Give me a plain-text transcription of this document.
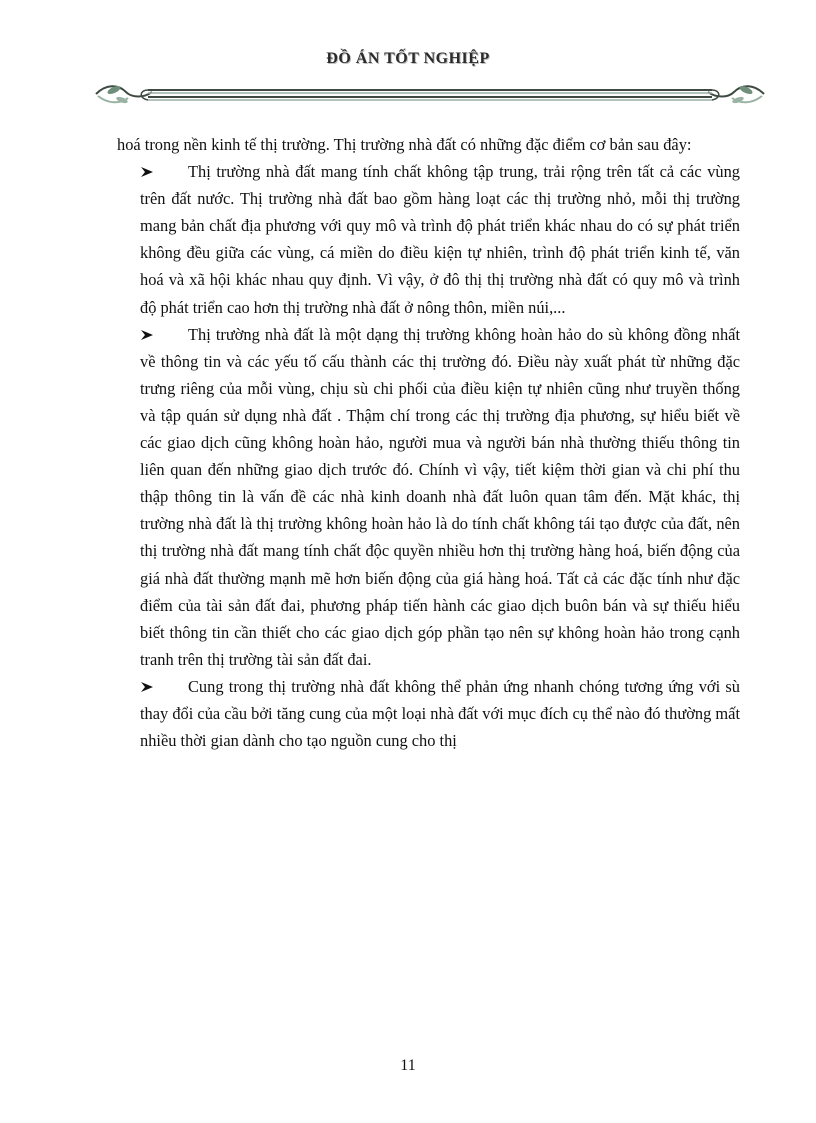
ĐỒ ÁN TỐT NGHIỆP

hoá trong nền kinh tế thị trường. Thị trường nhà đất có những đặc điểm cơ bản sau đây:

Thị trường nhà đất mang tính chất không tập trung, trải rộng trên tất cả các vùng trên đất nước. Thị trường nhà đất bao gồm hàng loạt các thị trường nhỏ, mỗi thị trường mang bản chất địa phương với quy mô và trình độ phát triển khác nhau do có sự phát triển không đều giữa các vùng, cá miền do điều kiện tự nhiên, trình độ phát triển kinh tế, văn hoá và xã hội khác nhau quy định. Vì vậy, ở đô thị thị trường nhà đất có quy mô và trình độ phát triển cao hơn thị trường nhà đất ở nông thôn, miền núi,...

Thị trường nhà đất là một dạng thị trường không hoàn hảo do sù không đồng nhất về thông tin và các yếu tố cấu thành các thị trường đó. Điều này xuất phát từ những đặc trưng riêng của mỗi vùng, chịu sù chi phối của điều kiện tự nhiên cũng như truyền thống và tập quán sử dụng nhà đất . Thậm chí trong các thị trường địa phương, sự hiểu biết về các giao dịch cũng không hoàn hảo, người mua và người bán nhà thường thiếu thông tin liên quan đến những giao dịch trước đó. Chính vì vậy, tiết kiệm thời gian và chi phí thu thập thông tin là vấn đề các nhà kinh doanh nhà đất luôn quan tâm đến. Mặt khác, thị trường nhà đất là thị trường không hoàn hảo là do tính chất không tái tạo được của đất, nên thị trường nhà đất mang tính chất độc quyền nhiều hơn thị trường hàng hoá, biến động của giá nhà đất thường mạnh mẽ hơn biến động của giá hàng hoá. Tất cả các đặc tính như đặc điểm của tài sản đất đai, phương pháp tiến hành các giao dịch buôn bán và sự thiếu hiểu biết thông tin cần thiết cho các giao dịch góp phần tạo nên sự không hoàn hảo trong cạnh tranh trên thị trường tài sản đất đai.

Cung trong thị trường nhà đất không thể phản ứng nhanh chóng tương ứng với sù thay đổi của cầu bởi tăng cung của một loại nhà đất với mục đích cụ thể nào đó thường mất nhiều thời gian dành cho tạo nguồn cung cho thị

11
